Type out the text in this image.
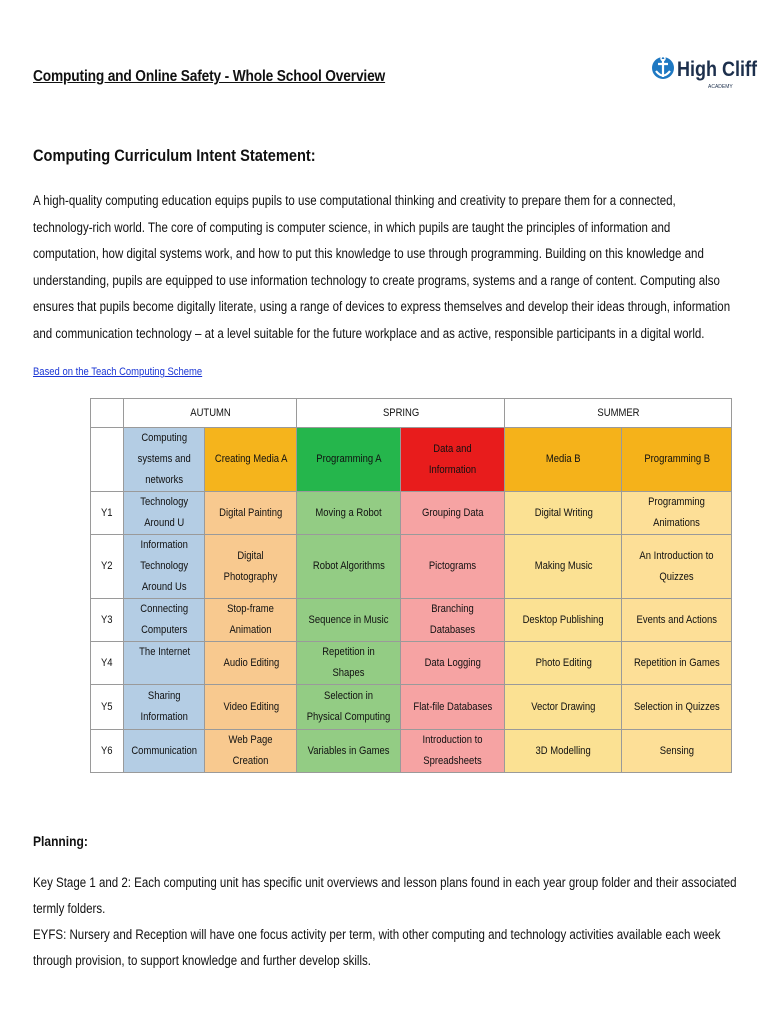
Computing and Online Safety - Whole School Overview	High Cliff
ACADEMY
Computing Curriculum Intent Statement:

A high-quality computing education equips pupils to use computational thinking and creativity to prepare them for a connected, technology-rich world. The core of computing is computer science, in which pupils are taught the principles of information and computation, how digital systems work, and how to put this knowledge to use through programming. Building on this knowledge and understanding, pupils are equipped to use information technology to create programs, systems and a range of content. Computing also ensures that pupils become digitally literate, using a range of devices to express themselves and develop their ideas through, information and communication technology – at a level suitable for the future workplace and as active, responsible participants in a digital world.

Based on the Teach Computing Scheme
	AUTUMN		SPRING		SUMMER	
	Computing systems and networks	Creating Media A	Programming A	Data and Information	Media B	Programming B
Y1	Technology Around U	Digital Painting	Moving a Robot	Grouping Data	Digital Writing	Programming Animations
Y2	Information Technology Around Us	Digital Photography	Robot Algorithms	Pictograms	Making Music	An Introduction to Quizzes
Y3	Connecting Computers	Stop-frame Animation	Sequence in Music	Branching Databases	Desktop Publishing	Events and Actions
Y4	The Internet	Audio Editing	Repetition in Shapes	Data Logging	Photo Editing	Repetition in Games
Y5	Sharing Information	Video Editing	Selection in Physical Computing	Flat-file Databases	Vector Drawing	Selection in Quizzes
Y6	Communication	Web Page Creation	Variables in Games	Introduction to Spreadsheets	3D Modelling	Sensing
Planning:

Key Stage 1 and 2: Each computing unit has specific unit overviews and lesson plans found in each year group folder and their associated termly folders.

EYFS: Nursery and Reception will have one focus activity per term, with other computing and technology activities available each week through provision, to support knowledge and further develop skills.
